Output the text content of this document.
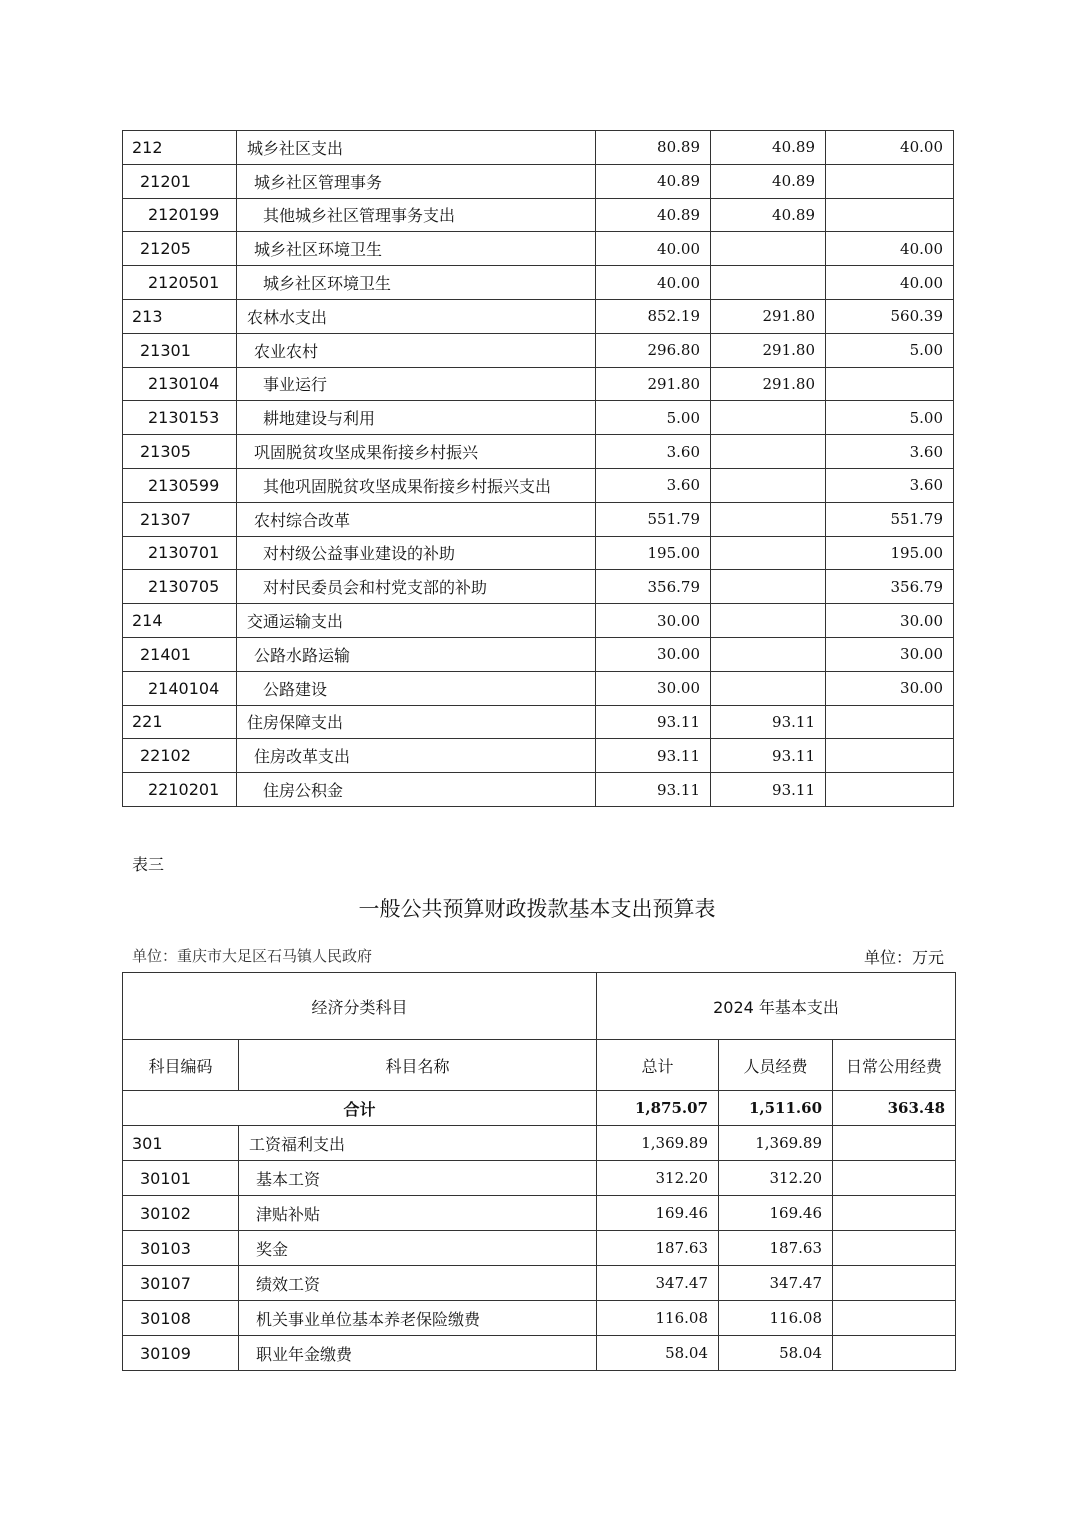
212	城乡社区支出	80.89	40.89	40.00
21201	城乡社区管理事务	40.89	40.89	
2120199	其他城乡社区管理事务支出	40.89	40.89	
21205	城乡社区环境卫生	40.00		40.00
2120501	城乡社区环境卫生	40.00		40.00
213	农林水支出	852.19	291.80	560.39
21301	农业农村	296.80	291.80	5.00
2130104	事业运行	291.80	291.80	
2130153	耕地建设与利用	5.00		5.00
21305	巩固脱贫攻坚成果衔接乡村振兴	3.60		3.60
2130599	其他巩固脱贫攻坚成果衔接乡村振兴支出	3.60		3.60
21307	农村综合改革	551.79		551.79
2130701	对村级公益事业建设的补助	195.00		195.00
2130705	对村民委员会和村党支部的补助	356.79		356.79
214	交通运输支出	30.00		30.00
21401	公路水路运输	30.00		30.00
2140104	公路建设	30.00		30.00
221	住房保障支出	93.11	93.11	
22102	住房改革支出	93.11	93.11	
2210201	住房公积金	93.11	93.11	
表三
一般公共预算财政拨款基本支出预算表
单位：重庆市大足区石马镇人民政府	单位：万元
经济分类科目		2024 年基本支出		
科目编码	科目名称	总计	人员经费	日常公用经费
合计		1,875.07	1,511.60	363.48
301	工资福利支出	1,369.89	1,369.89	
30101	基本工资	312.20	312.20	
30102	津贴补贴	169.46	169.46	
30103	奖金	187.63	187.63	
30107	绩效工资	347.47	347.47	
30108	机关事业单位基本养老保险缴费	116.08	116.08	
30109	职业年金缴费	58.04	58.04	
